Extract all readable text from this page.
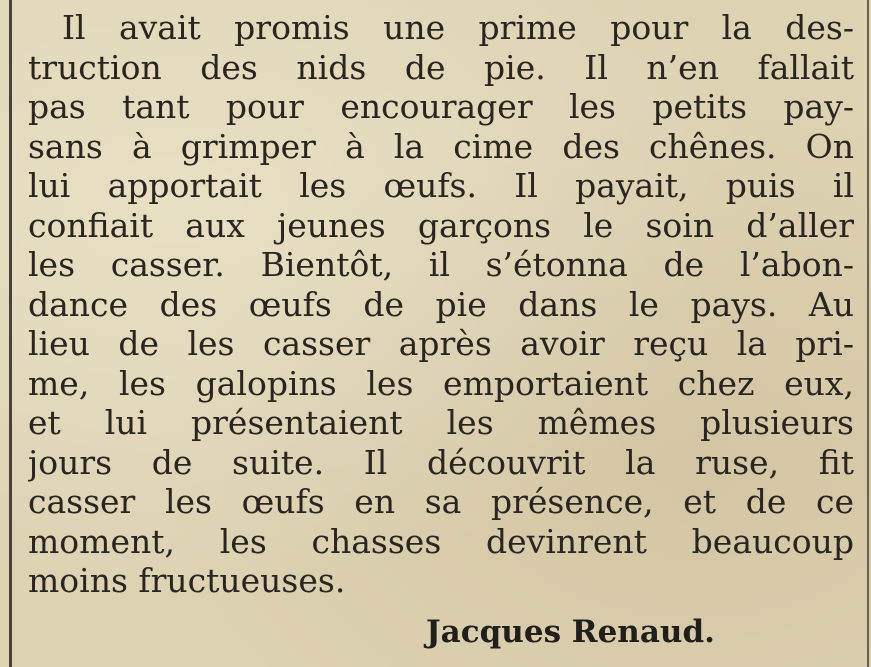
Il avait promis une prime pour la des-
truction des nids de pie. Il n’en fallait
pas tant pour encourager les petits pay-
sans à grimper à la cime des chênes. On
lui apportait les œufs. Il payait, puis il
confiait aux jeunes garçons le soin d’aller
les casser. Bientôt, il s’étonna de l’abon-
dance des œufs de pie dans le pays. Au
lieu de les casser après avoir reçu la pri-
me, les galopins les emportaient chez eux,
et lui présentaient les mêmes plusieurs
jours de suite. Il découvrit la ruse, fit
casser les œufs en sa présence, et de ce
moment, les chasses devinrent beaucoup
moins fructueuses.
Jacques Renaud.
